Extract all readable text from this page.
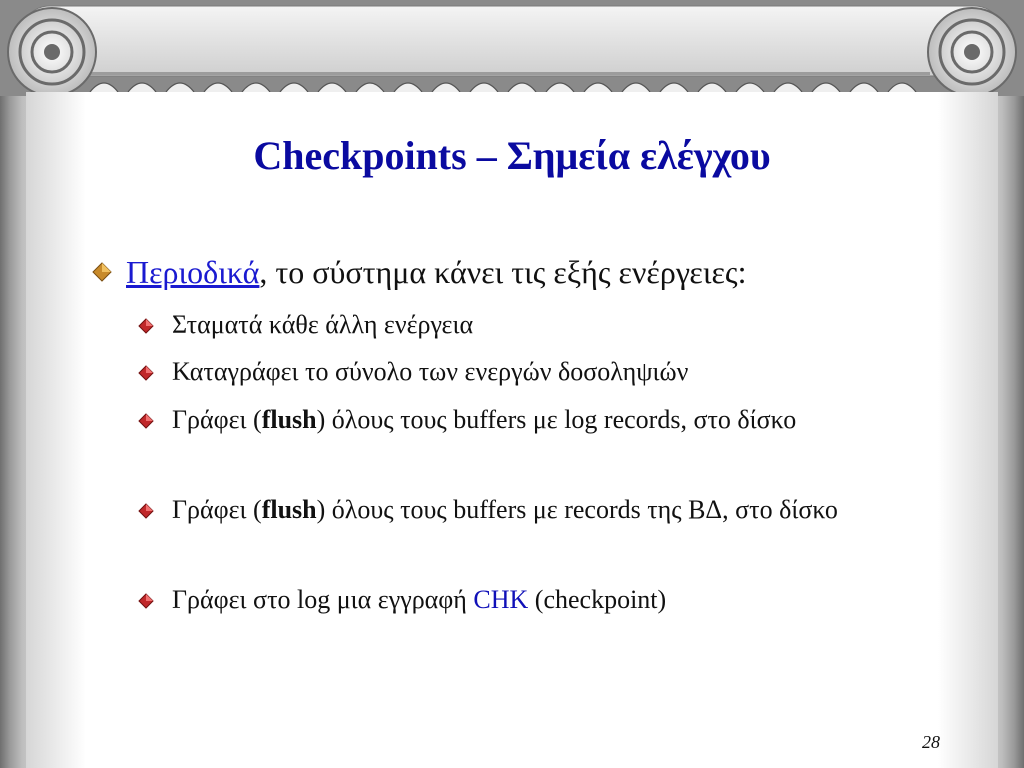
Checkpoints – Σημεία ελέγχου
Περιοδικά, το σύστημα κάνει τις εξής ενέργειες:
Σταματά κάθε άλλη ενέργεια
Καταγράφει το σύνολο των ενεργών δοσοληψιών
Γράφει (flush) όλους τους buffers με log records, στο δίσκο
Γράφει (flush) όλους τους buffers με records της ΒΔ, στο δίσκο
Γράφει στο log μια εγγραφή CHK (checkpoint)
28
